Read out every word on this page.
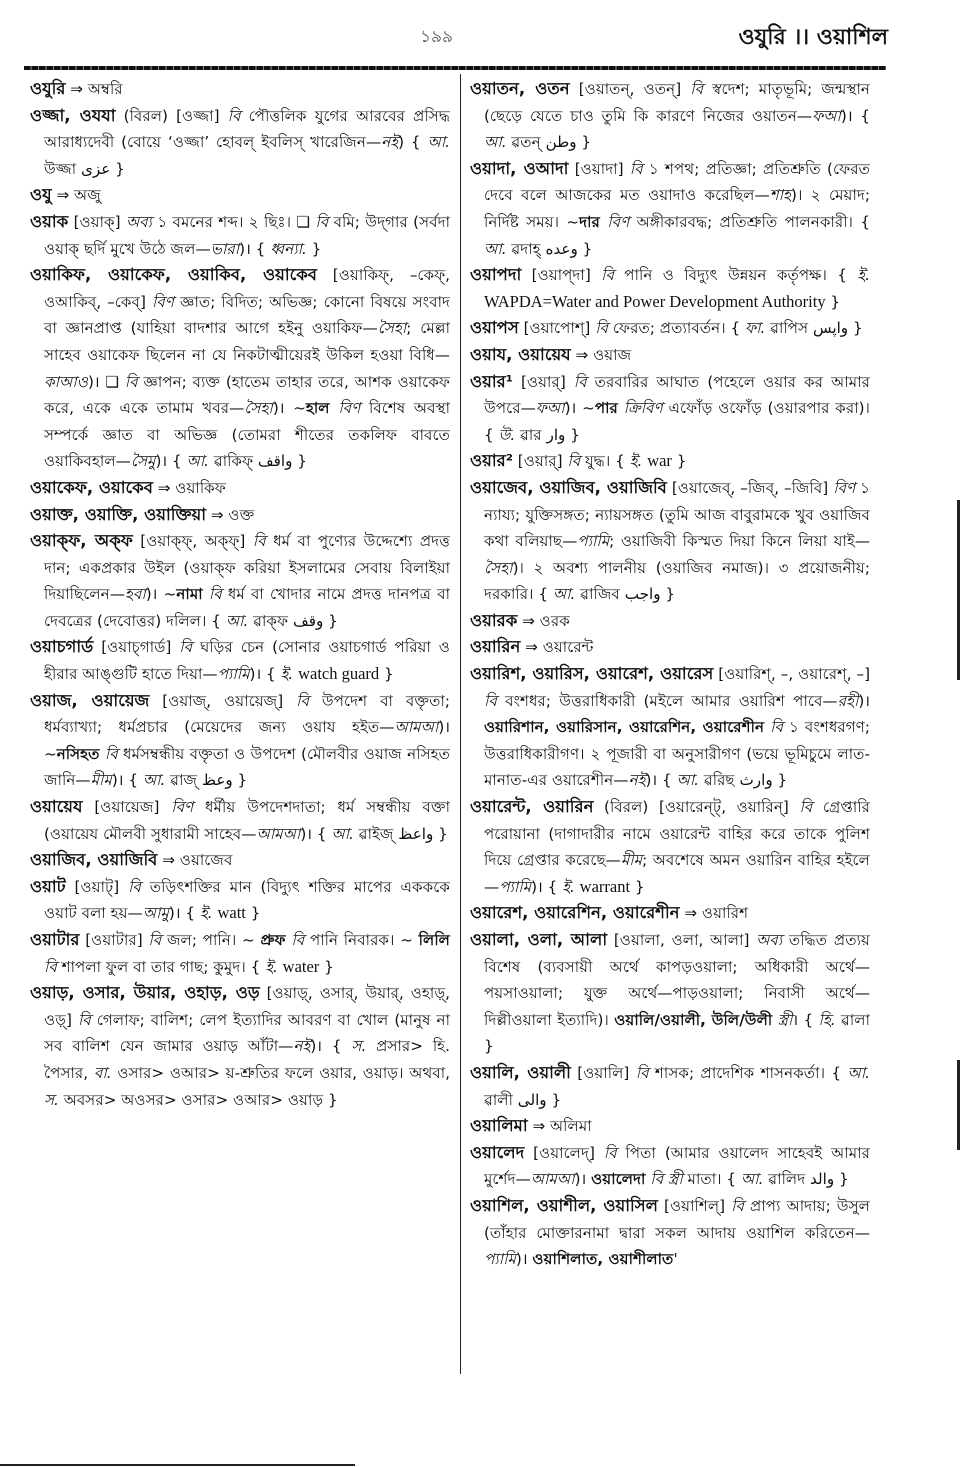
১৯৯	ওযুরি ।। ওয়াশিল

ওযুরি ⇒ অম্বরি

ওজ্জা, ওযযা (বিরল) [ওজ্জা] বি পৌত্তলিক যুগের আরবের প্রসিদ্ধ আরাধ্যদেবী (বোয়ে ‘ওজ্জা’ হোবল্ ইবলিস্ খারেজিন—নই) { আ. উজ্জা عزى }

ওযু ⇒ অজু

ওয়াক [ওয়াক্] অব্য ১ বমনের শব্দ। ২ ছিঃ। ❏ বি বমি; উদ্‌গার (সর্বদা ওয়াক্ ছর্দি মুখে উঠে জল—ভারা)। { ধ্বন্যা. }

ওয়াকিফ, ওয়াকেফ, ওয়াকিব, ওয়াকেব [ওয়াকিফ্, –কেফ্, ওআকিব্, –কেব্] বিণ জ্ঞাত; বিদিত; অভিজ্ঞ; কোনো বিষয়ে সংবাদ বা জ্ঞানপ্রাপ্ত (যাহিয়া বাদশার আগে হইনু ওয়াকিফ—সৈহা; মেল্লা সাহেব ওয়াকেফ ছিলেন না যে নিকটাত্মীয়েরই উকিল হওয়া বিধি—কাআও)। ❏ বি জ্ঞাপন; ব্যক্ত (হাতেম তাহার তরে, আশক ওয়াকেফ করে, একে একে তামাম খবর—সৈহা)। ~হাল বিণ বিশেষ অবস্থা সম্পর্কে জ্ঞাত বা অভিজ্ঞ (তোমরা শীতের তকলিফ বাবতে ওয়াকিবহাল—সৈমু)। { আ. ৱাকিফ্ واقف }

ওয়াকেফ, ওয়াকেব ⇒ ওয়াকিফ

ওয়াক্ত, ওয়াক্তি, ওয়াক্তিয়া ⇒ ওক্ত

ওয়াক্ফ, অক্ফ [ওয়াক্ফ্, অক্ফ্] বি ধর্ম বা পুণ্যের উদ্দেশ্যে প্রদত্ত দান; একপ্রকার উইল (ওয়াক্ফ করিয়া ইসলামের সেবায় বিলাইয়া দিয়াছিলেন—হবা)। ~নামা বি ধর্ম বা খোদার নামে প্রদত্ত দানপত্র বা দেবত্রের (দেবোত্তর) দলিল। { আ. ৱাক্ফ وقف }

ওয়াচগার্ড [ওয়াচ্‌গার্ড] বি ঘড়ির চেন (সোনার ওয়াচগার্ড পরিয়া ও হীরার আঙ্গুটি হাতে দিয়া—প্যামি)। { ই. watch guard }

ওয়াজ, ওয়ায়েজ [ওয়াজ্, ওয়ায়েজ্] বি উপদেশ বা বক্তৃতা; ধর্মব্যাখ্যা; ধর্মপ্রচার (মেয়েদের জন্য ওয়ায হইত—আমআ)। ~নসিহত বি ধর্মসম্বন্ধীয় বক্তৃতা ও উপদেশ (মৌলবীর ওয়াজ নসিহত জানি—মীম)। { আ. ৱাজ্ وعظ }

ওয়ায়েয [ওয়ায়েজ] বিণ ধর্মীয় উপদেশদাতা; ধর্ম সম্বন্ধীয় বক্তা (ওয়ায়েয মৌলবী সুধারামী সাহেব—আমআ)। { আ. ৱাইজ্ واعظ }

ওয়াজিব, ওয়াজিবি ⇒ ওয়াজেব

ওয়াট [ওয়াট্] বি তড়িৎশক্তির মান (বিদ্যুৎ শক্তির মাপের একককে ওয়াট বলা হয়—আমু)। { ই. watt }

ওয়াটার [ওয়াটার] বি জল; পানি। ~ প্রুফ বি পানি নিবারক। ~ লিলি বি শাপলা ফুল বা তার গাছ; কুমুদ। { ই. water }

ওয়াড়, ওসার, উয়ার, ওহাড়, ওড় [ওয়াড়্, ওসার্, উয়ার্, ওহাড়্, ওড়্] বি গেলাফ; বালিশ; লেপ ইত্যাদির আবরণ বা খোল (মানুষ না সব বালিশ যেন জামার ওয়াড় আঁটা—নই)। { স. প্রসার> হি. পৈসার, বা. ওসার> ওআর> য়-শ্রুতির ফলে ওয়ার, ওয়াড়। অথবা, স. অবসর> অওসর> ওসার> ওআর> ওয়াড় }

ওয়াতন, ওতন [ওয়াতন্, ওতন্] বি স্বদেশ; মাতৃভূমি; জন্মস্থান (ছেড়ে যেতে চাও তুমি কি কারণে নিজের ওয়াতন—ফআ)। { আ. ৱতন্ وطن }

ওয়াদা, ওআদা [ওয়াদা] বি ১ শপথ; প্রতিজ্ঞা; প্রতিশ্রুতি (ফেরত দেবে বলে আজকের মত ওয়াদাও করেছিল—শাহ)। ২ মেয়াদ; নির্দিষ্ট সময়। ~দার বিণ অঙ্গীকারবদ্ধ; প্রতিশ্রুতি পালনকারী। { আ. ৱদাহ্ وعده }

ওয়াপদা [ওয়াপ্‌দা] বি পানি ও বিদ্যুৎ উন্নয়ন কর্তৃপক্ষ। { ই. WAPDA=Water and Power Development Authority }

ওয়াপস [ওয়াপোশ্] বি ফেরত; প্রত্যাবর্তন। { ফা. ৱাপিস واپس }

ওয়ায, ওয়ায়েয ⇒ ওয়াজ

ওয়ার¹ [ওয়ার্] বি তরবারির আঘাত (পহেলে ওয়ার কর আমার উপরে—ফআ)। ~পার ক্রিবিণ এফোঁড় ওফোঁড় (ওয়ারপার করা)। { উ. ৱার وار }

ওয়ার² [ওয়ার্] বি যুদ্ধ। { ই. war }

ওয়াজেব, ওয়াজিব, ওয়াজিবি [ওয়াজেব্, –জিব্, –জিবি] বিণ ১ ন্যায্য; যুক্তিসঙ্গত; ন্যায়সঙ্গত (তুমি আজ বাবুরামকে খুব ওয়াজিব কথা বলিয়াছ—প্যামি; ওয়াজিবী কিস্মত দিয়া কিনে লিয়া যাই—সৈহা)। ২ অবশ্য পালনীয় (ওয়াজিব নমাজ)। ৩ প্রয়োজনীয়; দরকারি। { আ. ৱাজিব واجب }

ওয়ারক ⇒ ওরক

ওয়ারিন ⇒ ওয়ারেন্ট

ওয়ারিশ, ওয়ারিস, ওয়ারেশ, ওয়ারেস [ওয়ারিশ্, –, ওয়ারেশ্, –] বি বংশধর; উত্তরাধিকারী (মইলে আমার ওয়ারিশ পাবে—রহী)। ওয়ারিশান, ওয়ারিসান, ওয়ারেশিন, ওয়ারেশীন বি ১ বংশধরগণ; উত্তরাধিকারীগণ। ২ পূজারী বা অনুসারীগণ (ভয়ে ভূমিচুমে লাত-মানাত-এর ওয়ারেশীন—নই)। { আ. ৱরিছ وارث }

ওয়ারেন্ট, ওয়ারিন (বিরল) [ওয়ারেন্‌ট্, ওয়ারিন্] বি গ্রেপ্তারি পরোয়ানা (দাগাদারীর নামে ওয়ারেন্ট বাহির করে তাকে পুলিশ দিয়ে গ্রেপ্তার করেছে—মীম; অবশেষে অমন ওয়ারিন বাহির হইলে—প্যামি)। { ই. warrant }

ওয়ারেশ, ওয়ারেশিন, ওয়ারেশীন ⇒ ওয়ারিশ

ওয়ালা, ওলা, আলা [ওয়ালা, ওলা, আলা] অব্য তদ্ধিত প্রত্যয় বিশেষ (ব্যবসায়ী অর্থে কাপড়ওয়ালা; অধিকারী অর্থে—পয়সাওয়ালা; যুক্ত অর্থে—পাড়ওয়ালা; নিবাসী অর্থে—দিল্লীওয়ালা ইত্যাদি)। ওয়ালি/ওয়ালী, উলি/উলী স্ত্রী। { হি. ৱালা }

ওয়ালি, ওয়ালী [ওয়ালি] বি শাসক; প্রাদেশিক শাসনকর্তা। { আ. ৱালী والى }

ওয়ালিমা ⇒ অলিমা

ওয়ালেদ [ওয়ালেদ্] বি পিতা (আমার ওয়ালেদ সাহেবই আমার মুর্শেদ—আমআ)। ওয়ালেদা বি স্ত্রী মাতা। { আ. ৱালিদ والد }

ওয়াশিল, ওয়াশীল, ওয়াসিল [ওয়াশিল্] বি প্রাপ্য আদায়; উসুল (তাঁহার মোক্তারনামা দ্বারা সকল আদায় ওয়াশিল করিতেন—প্যামি)। ওয়াশিলাত, ওয়াশীলাত'
